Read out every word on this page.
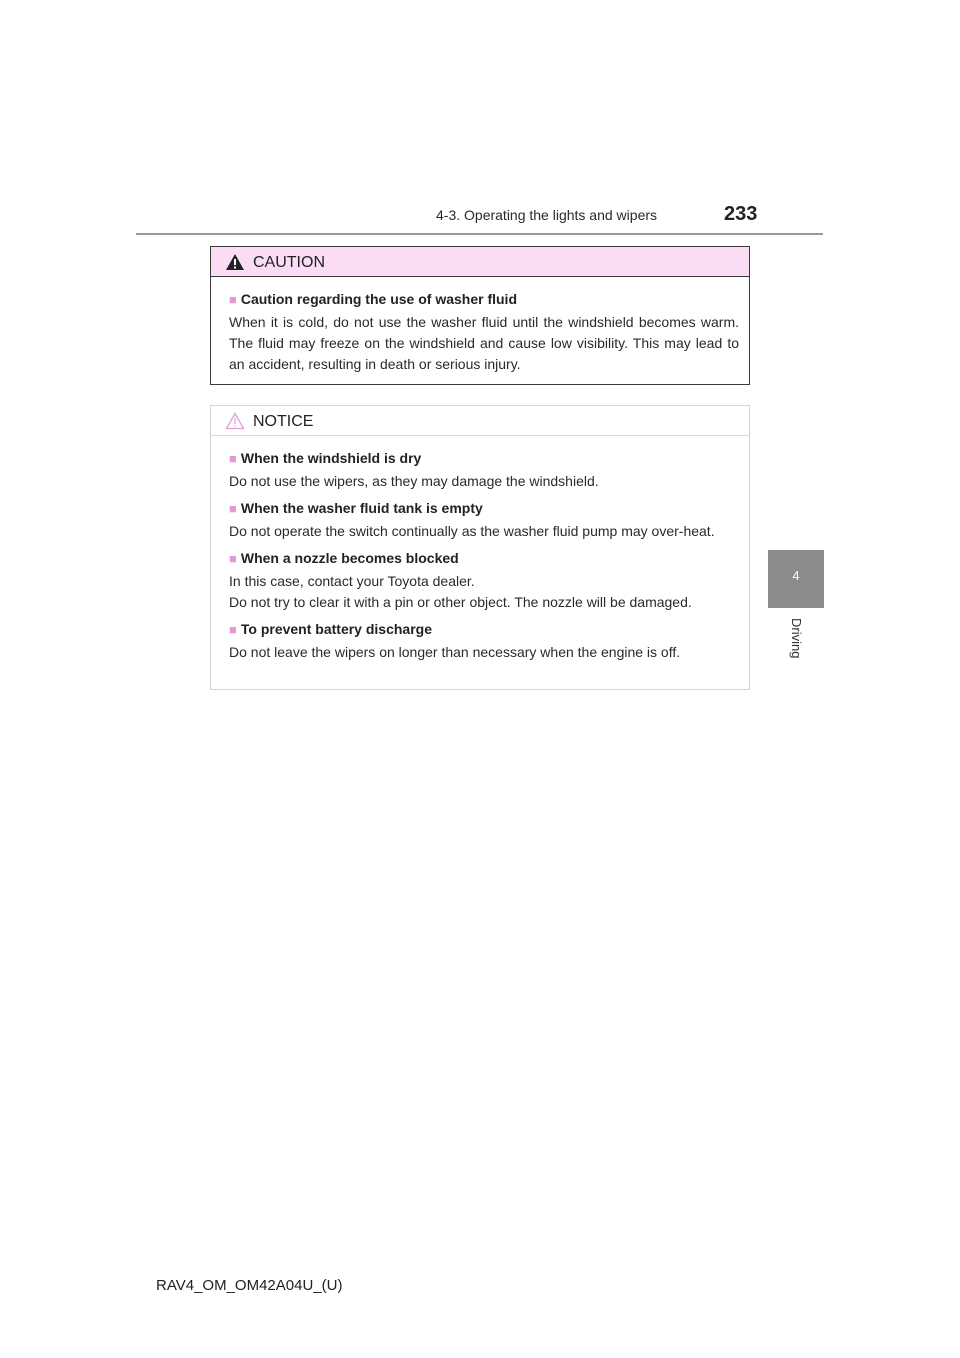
4-3. Operating the lights and wipers	233
4
Driving
CAUTION
■ Caution regarding the use of washer fluid
When it is cold, do not use the washer fluid until the windshield becomes warm. The fluid may freeze on the windshield and cause low visibility. This may lead to an accident, resulting in death or serious injury.
NOTICE
■ When the windshield is dry
Do not use the wipers, as they may damage the windshield.
■ When the washer fluid tank is empty
Do not operate the switch continually as the washer fluid pump may over-heat.
■ When a nozzle becomes blocked
In this case, contact your Toyota dealer.
Do not try to clear it with a pin or other object. The nozzle will be damaged.
■ To prevent battery discharge
Do not leave the wipers on longer than necessary when the engine is off.
RAV4_OM_OM42A04U_(U)
